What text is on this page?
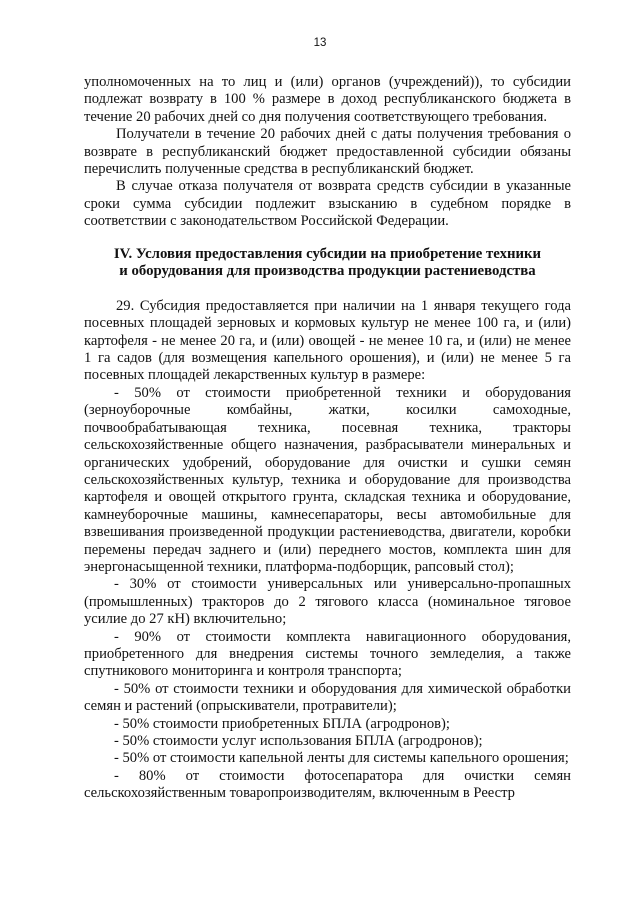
13

уполномоченных на то лиц и (или) органов (учреждений)), то субсидии подлежат возврату в 100 % размере в доход республиканского бюджета в течение 20 рабочих дней со дня получения соответствующего требования.

Получатели в течение 20 рабочих дней с даты получения требования о возврате в республиканский бюджет предоставленной субсидии обязаны перечислить полученные средства в республиканский бюджет.

В случае отказа получателя от возврата средств субсидии в указанные сроки сумма субсидии подлежит взысканию в судебном порядке в соответствии с законодательством Российской Федерации.

IV. Условия предоставления субсидии на приобретение техники
и оборудования для производства продукции растениеводства

29. Субсидия предоставляется при наличии на 1 января текущего года посевных площадей зерновых и кормовых культур не менее 100 га, и (или) картофеля - не менее 20 га, и (или) овощей - не менее 10 га, и (или) не менее 1 га садов (для возмещения капельного орошения), и (или) не менее 5 га посевных площадей лекарственных культур в размере:

- 50% от стоимости приобретенной техники и оборудования (зерноуборочные комбайны, жатки, косилки самоходные, почвообрабатывающая техника, посевная техника, тракторы сельскохозяйственные общего назначения, разбрасыватели минеральных и органических удобрений, оборудование для очистки и сушки семян сельскохозяйственных культур, техника и оборудование для производства картофеля и овощей открытого грунта, складская техника и оборудование, камнеуборочные машины, камнесепараторы, весы автомобильные для взвешивания произведенной продукции растениеводства, двигатели, коробки перемены передач заднего и (или) переднего мостов, комплекта шин для энергонасыщенной техники, платформа-подборщик, рапсовый стол);

- 30% от стоимости универсальных или универсально-пропашных (промышленных) тракторов до 2 тягового класса (номинальное тяговое усилие до 27 кН) включительно;

- 90% от стоимости комплекта навигационного оборудования, приобретенного для внедрения системы точного земледелия, а также спутникового мониторинга и контроля транспорта;

- 50% от стоимости техники и оборудования для химической обработки семян и растений (опрыскиватели, протравители);

- 50% стоимости приобретенных БПЛА (агродронов);

- 50% стоимости услуг использования БПЛА (агродронов);

- 50% от стоимости капельной ленты для системы капельного орошения;

- 80% от стоимости фотосепаратора для очистки семян сельскохозяйственным товаропроизводителям, включенным в Реестр
